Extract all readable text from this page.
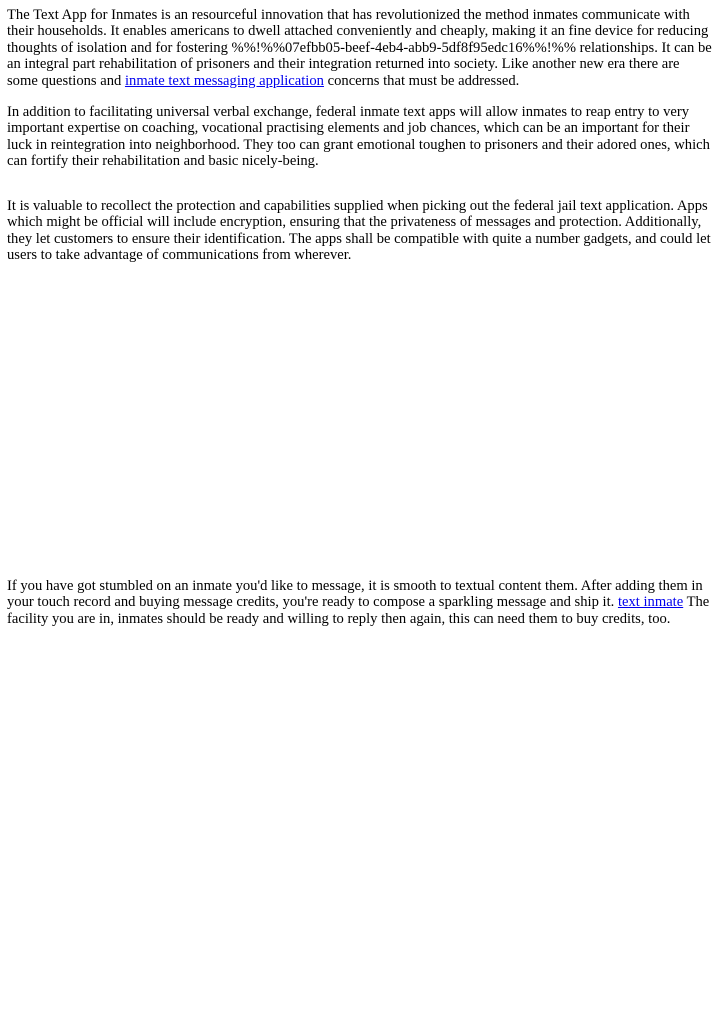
The Text App for Inmates is an resourceful innovation that has revolutionized the method inmates communicate with their households. It enables americans to dwell attached conveniently and cheaply, making it an fine device for reducing thoughts of isolation and for fostering %%!%%07efbb05-beef-4eb4-abb9-5df8f95edc16%%!%% relationships. It can be an integral part rehabilitation of prisoners and their integration returned into society. Like another new era there are some questions and inmate text messaging application concerns that must be addressed.

In addition to facilitating universal verbal exchange, federal inmate text apps will allow inmates to reap entry to very important expertise on coaching, vocational practising elements and job chances, which can be an important for their luck in reintegration into neighborhood. They too can grant emotional toughen to prisoners and their adored ones, which can fortify their rehabilitation and basic nicely-being.

It is valuable to recollect the protection and capabilities supplied when picking out the federal jail text application. Apps which might be official will include encryption, ensuring that the privateness of messages and protection. Additionally, they let customers to ensure their identification. The apps shall be compatible with quite a number gadgets, and could let users to take advantage of communications from wherever.

If you have got stumbled on an inmate you'd like to message, it is smooth to textual content them. After adding them in your touch record and buying message credits, you're ready to compose a sparkling message and ship it. text inmate The facility you are in, inmates should be ready and willing to reply then again, this can need them to buy credits, too.
